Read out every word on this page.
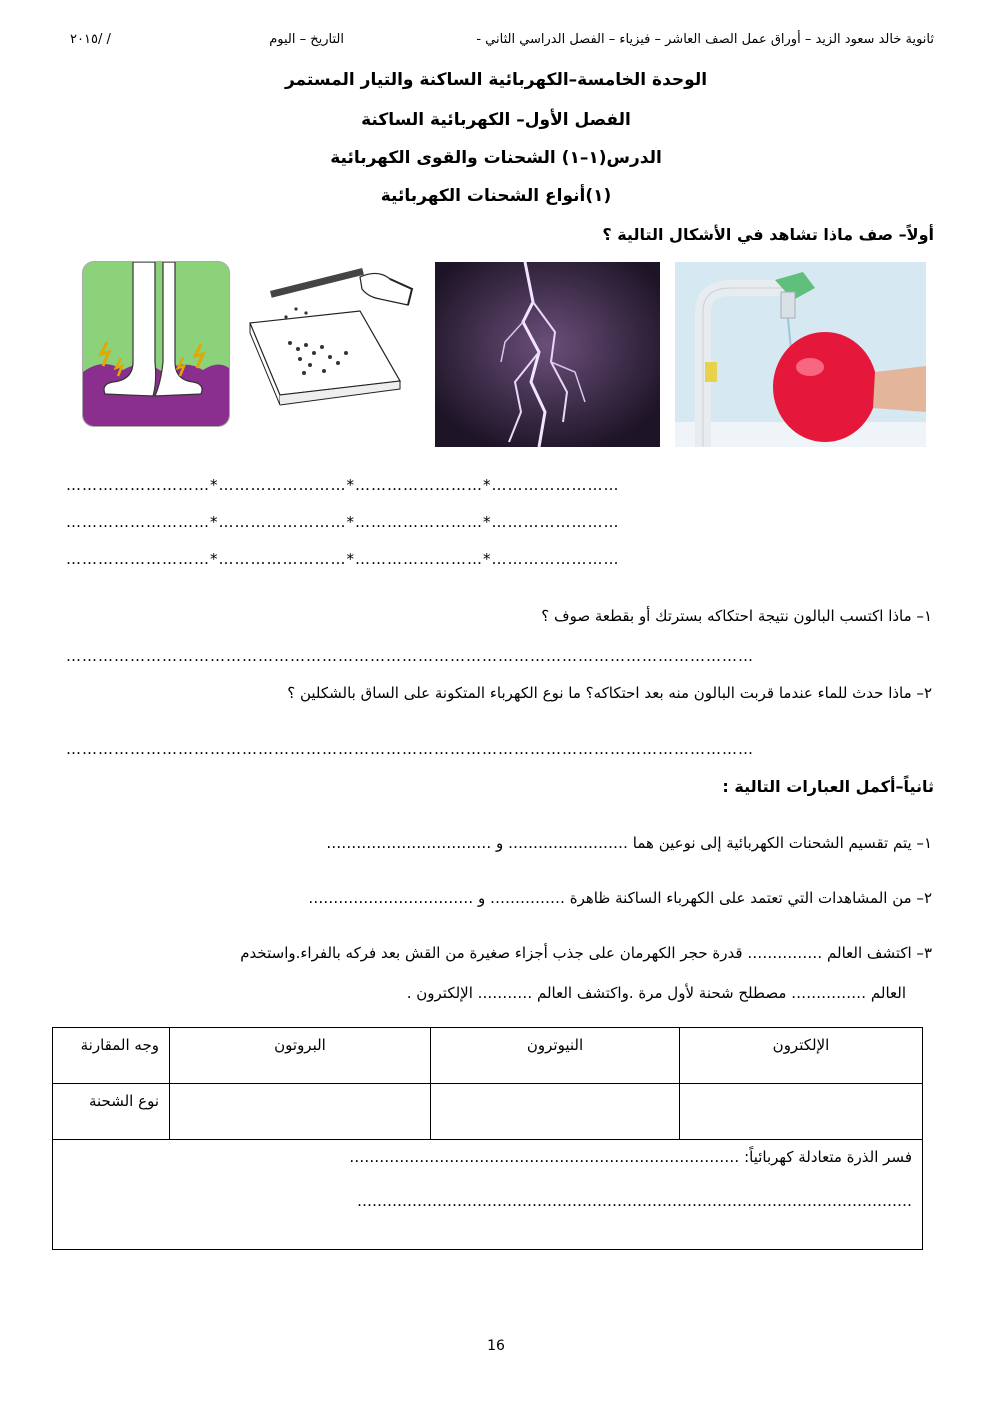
ثانوية خالد سعود الزيد – أوراق عمل الصف العاشر – فيزياء – الفصل الدراسي الثاني -
التاريخ – اليوم
٢٠١٥/ /
الوحدة الخامسة–الكهربائية الساكنة والتيار المستمر
الفصل الأول– الكهربائية الساكنة
الدرس(١–١) الشحنات والقوى الكهربائية
(١)أنواع الشحنات الكهربائية
أولاً– صف ماذا تشاهد في الأشكال التالية ؟
………………………*……………………*……………………*……………………
………………………*……………………*……………………*……………………
………………………*……………………*……………………*……………………
١– ماذا اكتسب البالون نتيجة احتكاكه بسترتك أو بقطعة صوف ؟
…………………………………………………………………………………………………………………
٢– ماذا حدث للماء عندما قربت البالون منه بعد احتكاكه؟ ما نوع الكهرباء المتكونة على الساق بالشكلين ؟
…………………………………………………………………………………………………………………
ثانياً–أكمل العبارات التالية :
١– يتم تقسيم الشحنات الكهربائية إلى نوعين هما …………………… و ……………………………
٢– من المشاهدات التي تعتمد على الكهرباء الساكنة ظاهرة …………… و ……………………………
٣– اكتشف العالم …………… قدرة حجر الكهرمان على جذب أجزاء صغيرة من القش بعد فركه بالفراء.واستخدم
العالم …………… مصطلح شحنة لأول مرة .واكتشف العالم ……….. الإلكترون .
وجه المقارنة	البروتون	النيوترون	الإلكترون
نوع الشحنة			

فسر الذرة متعادلة كهربائياً: ……………………………………………………………………
…………………………………………………………………………………………………			
16
